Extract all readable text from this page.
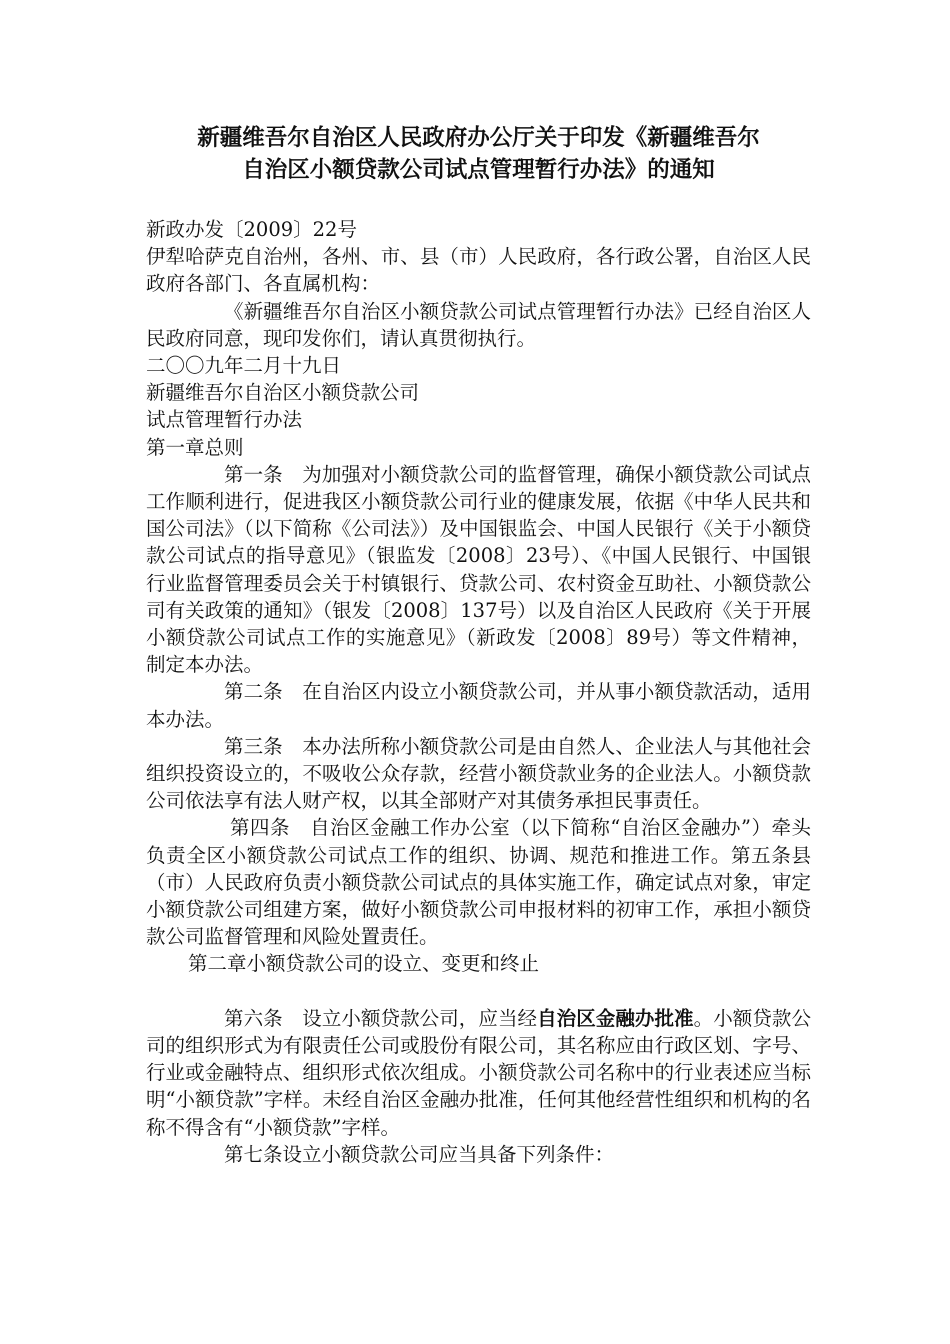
新疆维吾尔自治区人民政府办公厅关于印发《新疆维吾尔
自治区小额贷款公司试点管理暂行办法》的通知

新政办发〔2009〕22号

伊犁哈萨克自治州，各州、市、县（市）人民政府，各行政公署，自治区人民政府各部门、各直属机构：

《新疆维吾尔自治区小额贷款公司试点管理暂行办法》已经自治区人民政府同意，现印发你们，请认真贯彻执行。

二〇〇九年二月十九日

新疆维吾尔自治区小额贷款公司

试点管理暂行办法

第一章总则

第一条　为加强对小额贷款公司的监督管理，确保小额贷款公司试点工作顺利进行，促进我区小额贷款公司行业的健康发展，依据《中华人民共和国公司法》（以下简称《公司法》）及中国银监会、中国人民银行《关于小额贷款公司试点的指导意见》（银监发〔2008〕23号）、《中国人民银行、中国银行业监督管理委员会关于村镇银行、贷款公司、农村资金互助社、小额贷款公司有关政策的通知》（银发〔2008〕137号）以及自治区人民政府《关于开展小额贷款公司试点工作的实施意见》（新政发〔2008〕89号）等文件精神，制定本办法。

第二条　在自治区内设立小额贷款公司，并从事小额贷款活动，适用本办法。

第三条　本办法所称小额贷款公司是由自然人、企业法人与其他社会组织投资设立的，不吸收公众存款，经营小额贷款业务的企业法人。小额贷款公司依法享有法人财产权，以其全部财产对其债务承担民事责任。

第四条　自治区金融工作办公室（以下简称“自治区金融办”）牵头负责全区小额贷款公司试点工作的组织、协调、规范和推进工作。第五条县（市）人民政府负责小额贷款公司试点的具体实施工作，确定试点对象，审定小额贷款公司组建方案，做好小额贷款公司申报材料的初审工作，承担小额贷款公司监督管理和风险处置责任。

第二章小额贷款公司的设立、变更和终止

第六条　设立小额贷款公司，应当经自治区金融办批准。小额贷款公司的组织形式为有限责任公司或股份有限公司，其名称应由行政区划、字号、行业或金融特点、组织形式依次组成。小额贷款公司名称中的行业表述应当标明“小额贷款”字样。未经自治区金融办批准，任何其他经营性组织和机构的名称不得含有“小额贷款”字样。

第七条设立小额贷款公司应当具备下列条件：
